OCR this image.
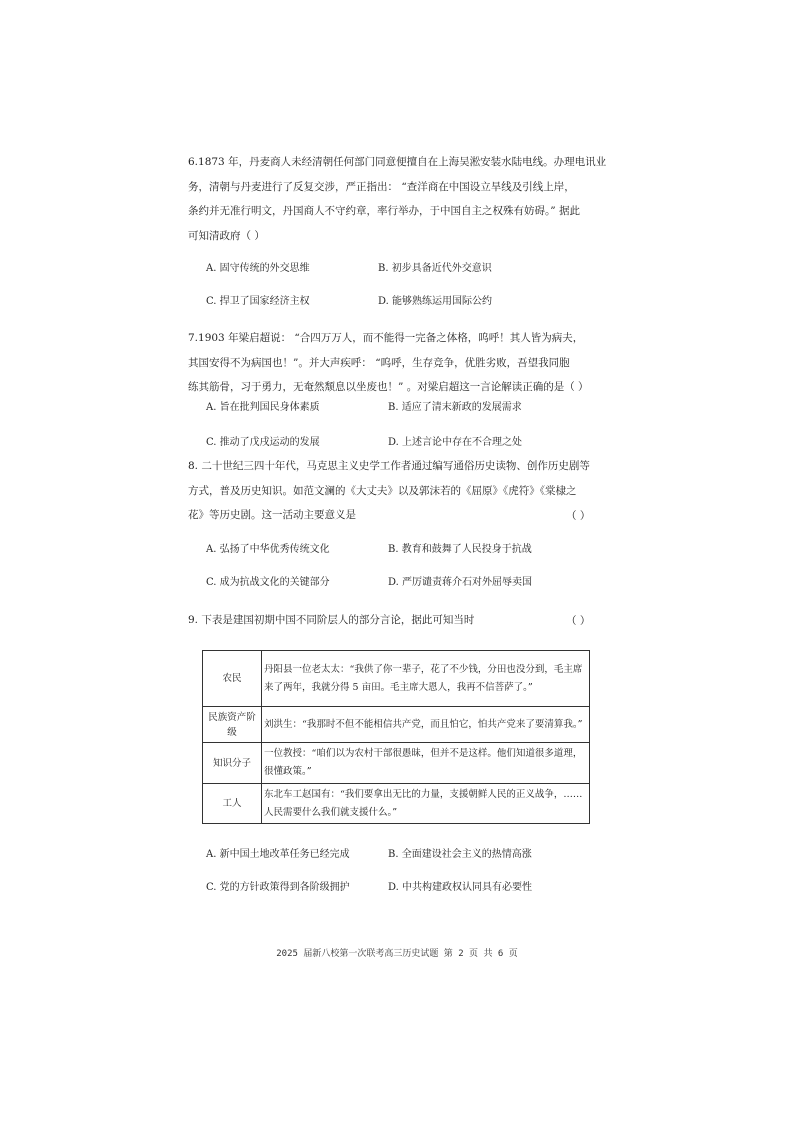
6.1873 年，丹麦商人未经清朝任何部门同意便擅自在上海吴淞安装水陆电线。办理电讯业

务，清朝与丹麦进行了反复交涉，严正指出： “查洋商在中国设立旱线及引线上岸，

条约并无准行明文，丹国商人不守约章，率行举办，于中国自主之权殊有妨碍。” 据此

可知清政府（ ）

A. 固守传统的外交思维	B. 初步具备近代外交意识
C. 捍卫了国家经济主权	D. 能够熟练运用国际公约

7.1903 年梁启超说： “合四万万人，而不能得一完备之体格，呜呼！其人皆为病夫，

其国安得不为病国也！”。并大声疾呼： “呜呼，生存竞争，优胜劣败，吾望我同胞

练其筋骨，习于勇力，无奄然颓息以坐废也！” 。对梁启超这一言论解读正确的是（ ）

A. 旨在批判国民身体素质	B. 适应了清末新政的发展需求
C. 推动了戊戌运动的发展	D. 上述言论中存在不合理之处

8. 二十世纪三四十年代，马克思主义史学工作者通过编写通俗历史读物、创作历史剧等

方式，普及历史知识。如范文澜的《大丈夫》以及郭沫若的《屈原》《虎符》《棠棣之

花》等历史剧。这一活动主要意义是	（ ）
A. 弘扬了中华优秀传统文化	B. 教育和鼓舞了人民投身于抗战
C. 成为抗战文化的关键部分	D. 严厉谴责蒋介石对外屈辱卖国
9. 下表是建国初期中国不同阶层人的部分言论，据此可知当时	（ ）
农民	丹阳县一位老太太：“我供了你一辈子，花了不少钱，分田也没分到，毛主席来了两年，我就分得 5 亩田。毛主席大恩人，我再不信菩萨了。”
民族资产阶级	刘洪生：“我那时不但不能相信共产党，而且怕它，怕共产党来了要清算我。”
知识分子	一位教授：“咱们以为农村干部很愚昧，但并不是这样。他们知道很多道理，很懂政策。”
工人	东北车工赵国有：“我们要拿出无比的力量，支援朝鲜人民的正义战争，……人民需要什么我们就支援什么。”
A. 新中国土地改革任务已经完成	B. 全面建设社会主义的热情高涨
C. 党的方针政策得到各阶级拥护	D. 中共构建政权认同具有必要性
2025 届新八校第一次联考高三历史试题 第 2 页 共 6 页
